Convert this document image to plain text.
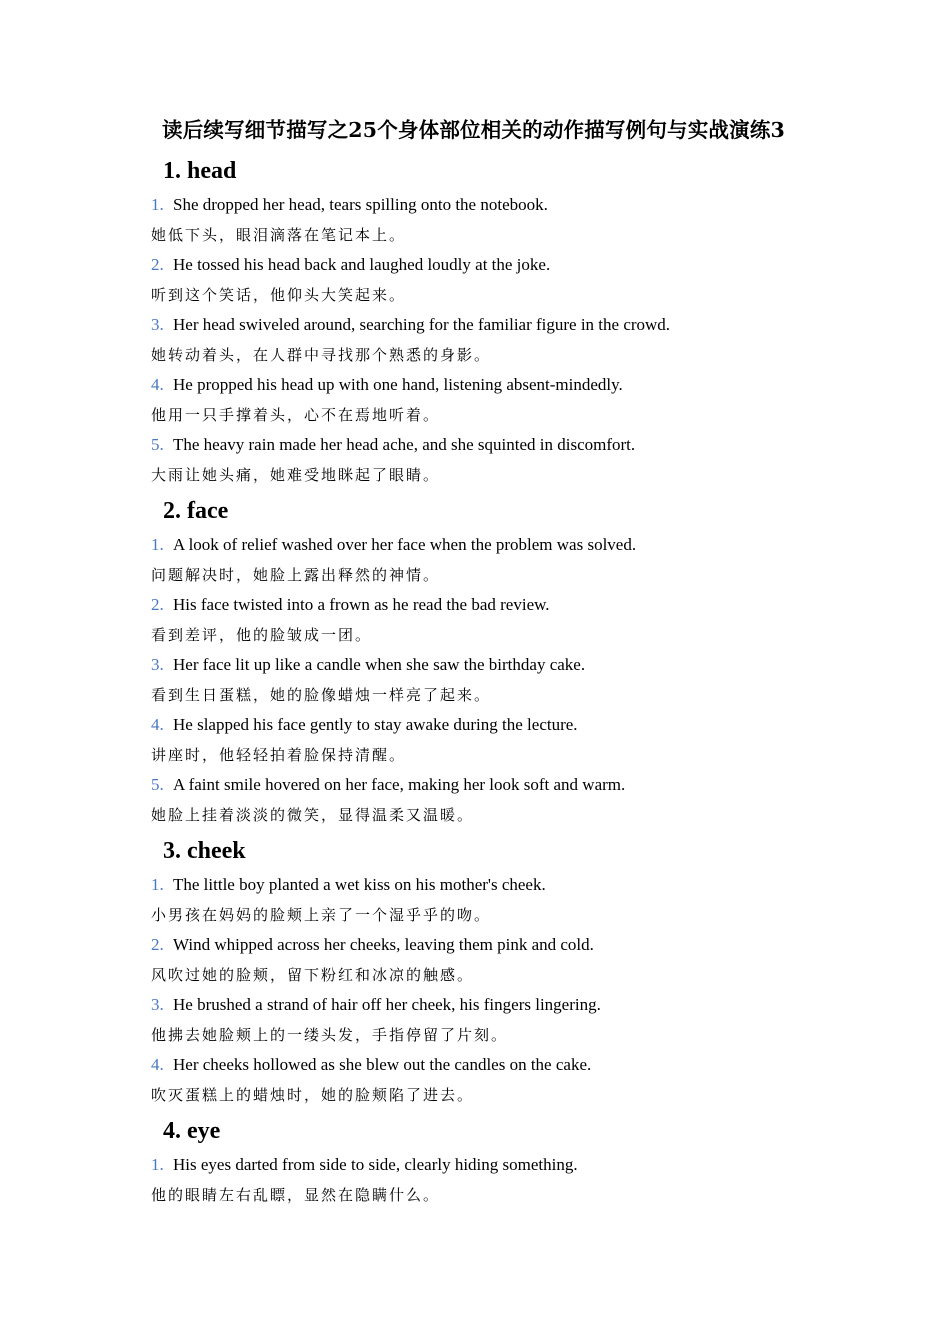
读后续写细节描写之25个身体部位相关的动作描写例句与实战演练3
1. head
1. She dropped her head, tears spilling onto the notebook.
她低下头，眼泪滴落在笔记本上。
2. He tossed his head back and laughed loudly at the joke.
听到这个笑话，他仰头大笑起来。
3. Her head swiveled around, searching for the familiar figure in the crowd.
她转动着头，在人群中寻找那个熟悉的身影。
4. He propped his head up with one hand, listening absent-mindedly.
他用一只手撑着头，心不在焉地听着。
5. The heavy rain made her head ache, and she squinted in discomfort.
大雨让她头痛，她难受地眯起了眼睛。
2. face
1. A look of relief washed over her face when the problem was solved.
问题解决时，她脸上露出释然的神情。
2. His face twisted into a frown as he read the bad review.
看到差评，他的脸皱成一团。
3. Her face lit up like a candle when she saw the birthday cake.
看到生日蛋糕，她的脸像蜡烛一样亮了起来。
4. He slapped his face gently to stay awake during the lecture.
讲座时，他轻轻拍着脸保持清醒。
5. A faint smile hovered on her face, making her look soft and warm.
她脸上挂着淡淡的微笑，显得温柔又温暖。
3. cheek
1. The little boy planted a wet kiss on his mother's cheek.
小男孩在妈妈的脸颊上亲了一个湿乎乎的吻。
2. Wind whipped across her cheeks, leaving them pink and cold.
风吹过她的脸颊，留下粉红和冰凉的触感。
3. He brushed a strand of hair off her cheek, his fingers lingering.
他拂去她脸颊上的一缕头发，手指停留了片刻。
4. Her cheeks hollowed as she blew out the candles on the cake.
吹灭蛋糕上的蜡烛时，她的脸颊陷了进去。
4. eye
1. His eyes darted from side to side, clearly hiding something.
他的眼睛左右乱瞟，显然在隐瞒什么。
